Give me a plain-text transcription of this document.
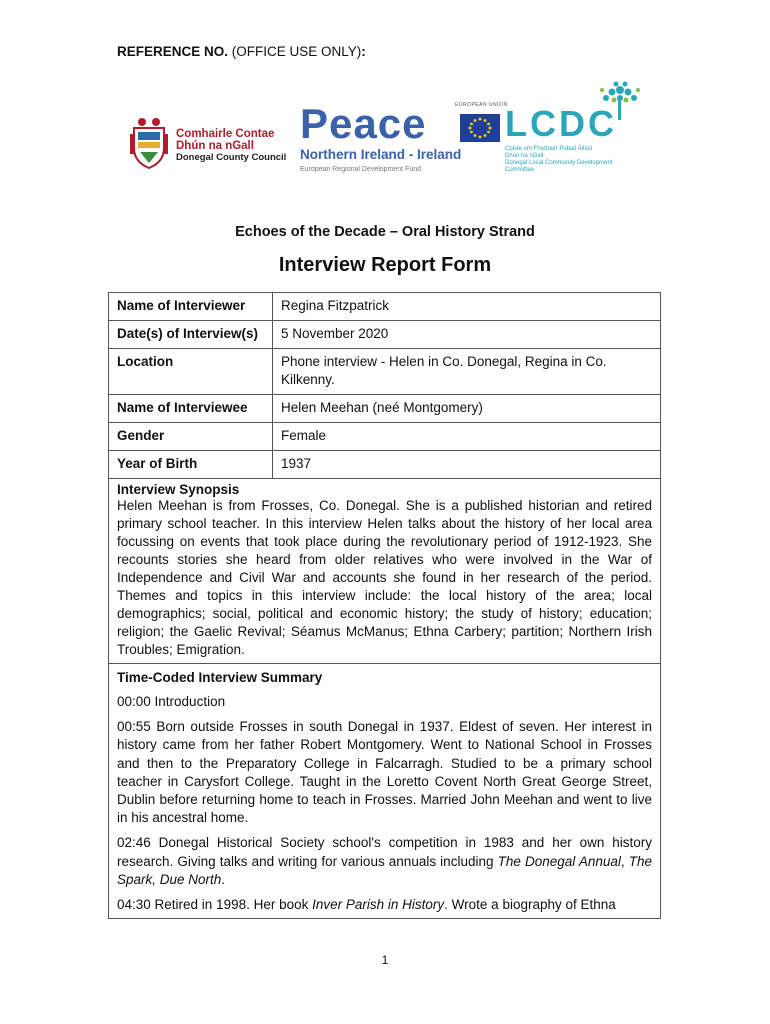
REFERENCE NO. (OFFICE USE ONLY):
Comhairle Contae
Dhún na nGall
Donegal County Council
Peace
Northern Ireland - Ireland
European Regional Development Fund
EUROPEAN UNION
LCDC
Coiste um Fhorbairt Pobail Áitiúil
Dhún na nGall
Donegal Local Community Development
Committee
Echoes of the Decade – Oral History Strand
Interview Report Form
Name of Interviewer	Regina Fitzpatrick
Date(s) of Interview(s)	5 November 2020
Location	Phone interview - Helen in Co. Donegal, Regina in Co. Kilkenny.
Name of Interviewee	Helen Meehan (neé Montgomery)
Gender	Female
Year of Birth	1937

Interview Synopsis
Helen Meehan is from Frosses, Co. Donegal. She is a published historian and retired primary school teacher. In this interview Helen talks about the history of her local area focussing on events that took place during the revolutionary period of 1912-1923. She recounts stories she heard from older relatives who were involved in the War of Independence and Civil War and accounts she found in her research of the period. Themes and topics in this interview include: the local history of the area; local demographics; social, political and economic history; the study of history; education; religion; the Gaelic Revival; Séamus McManus; Ethna Carbery; partition; Northern Irish Troubles; Emigration.	

Time-Coded Interview Summary

00:00 Introduction

00:55 Born outside Frosses in south Donegal in 1937. Eldest of seven. Her interest in history came from her father Robert Montgomery. Went to National School in Frosses and then to the Preparatory College in Falcarragh. Studied to be a primary school teacher in Carysfort College. Taught in the Loretto Covent North Great George Street, Dublin before returning home to teach in Frosses. Married John Meehan and went to live in his ancestral home.

02:46 Donegal Historical Society school's competition in 1983 and her own history research. Giving talks and writing for various annuals including The Donegal Annual, The Spark, Due North.

04:30 Retired in 1998. Her book Inver Parish in History. Wrote a biography of Ethna	

1
